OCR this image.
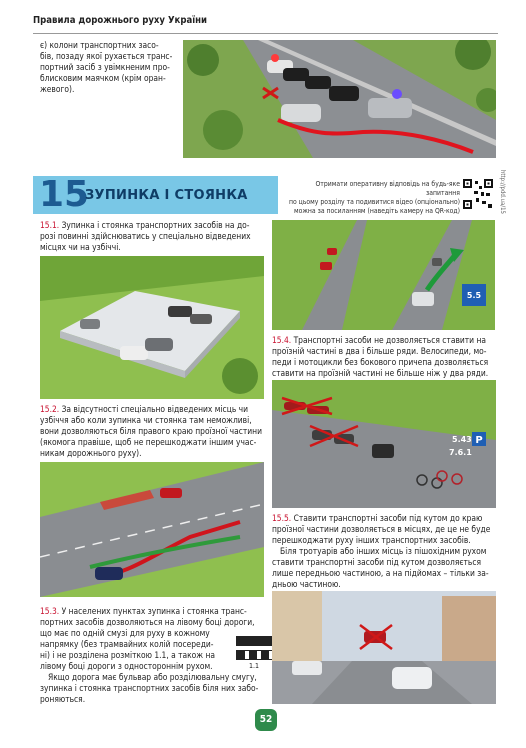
Правила дорожнього руху України
є) колони транспортних засо-
бів, позаду якої рухається транс-
портний засіб з увімкненим про-
блисковим маячком (крім оран-
жевого).
15
ЗУПИНКА І СТОЯНКА
Отримати оперативну відповідь на будь-яке запитання
по цьому розділу та подивитися відео (опціонально)
можна за посиланням (наведіть камеру на QR-код)	http://pdd.ua/15
15.1. Зупинка і стоянка транспортних засобів на до-
розі повинні здійснюватись у спеціально відведених
місцях чи на узбіччі.
15.2. За відсутності спеціально відведених місць чи
узбіччя або коли зупинка чи стоянка там неможливі,
вони дозволяються біля правого краю проїзної частини
(якомога правіше, щоб не перешкоджати іншим учас-
никам дорожнього руху).
15.3. У населених пунктах зупинка і стоянка транс-
портних засобів дозволяються на лівому боці дороги,
що має по одній смузі для руху в кожному
напрямку (без трамвайних колій посереди-
ні) і не розділена розміткою 1.1, а також на
лівому боці дороги з одностороннім рухом.
Якщо дорога має бульвар або розділювальну смугу,
зупинка і стоянка транспортних засобів біля них забо-
роняються.
1.1
5.5
15.4. Транспортні засоби не дозволяється ставити на
проїзній частині в два і більше ряди. Велосипеди, мо-
педи і мотоцикли без бокового причепа дозволяється
ставити на проїзній частині не більше ніж у два ряди.
P
5.43
7.6.1
15.5. Ставити транспортні засоби під кутом до краю
проїзної частини дозволяється в місцях, де це не буде
перешкоджати руху інших транспортних засобів.
Біля тротуарів або інших місць із пішохідним рухом
ставити транспортні засоби під кутом дозволяється
лише передньою частиною, а на підйомах – тільки за-
дньою частиною.
52
